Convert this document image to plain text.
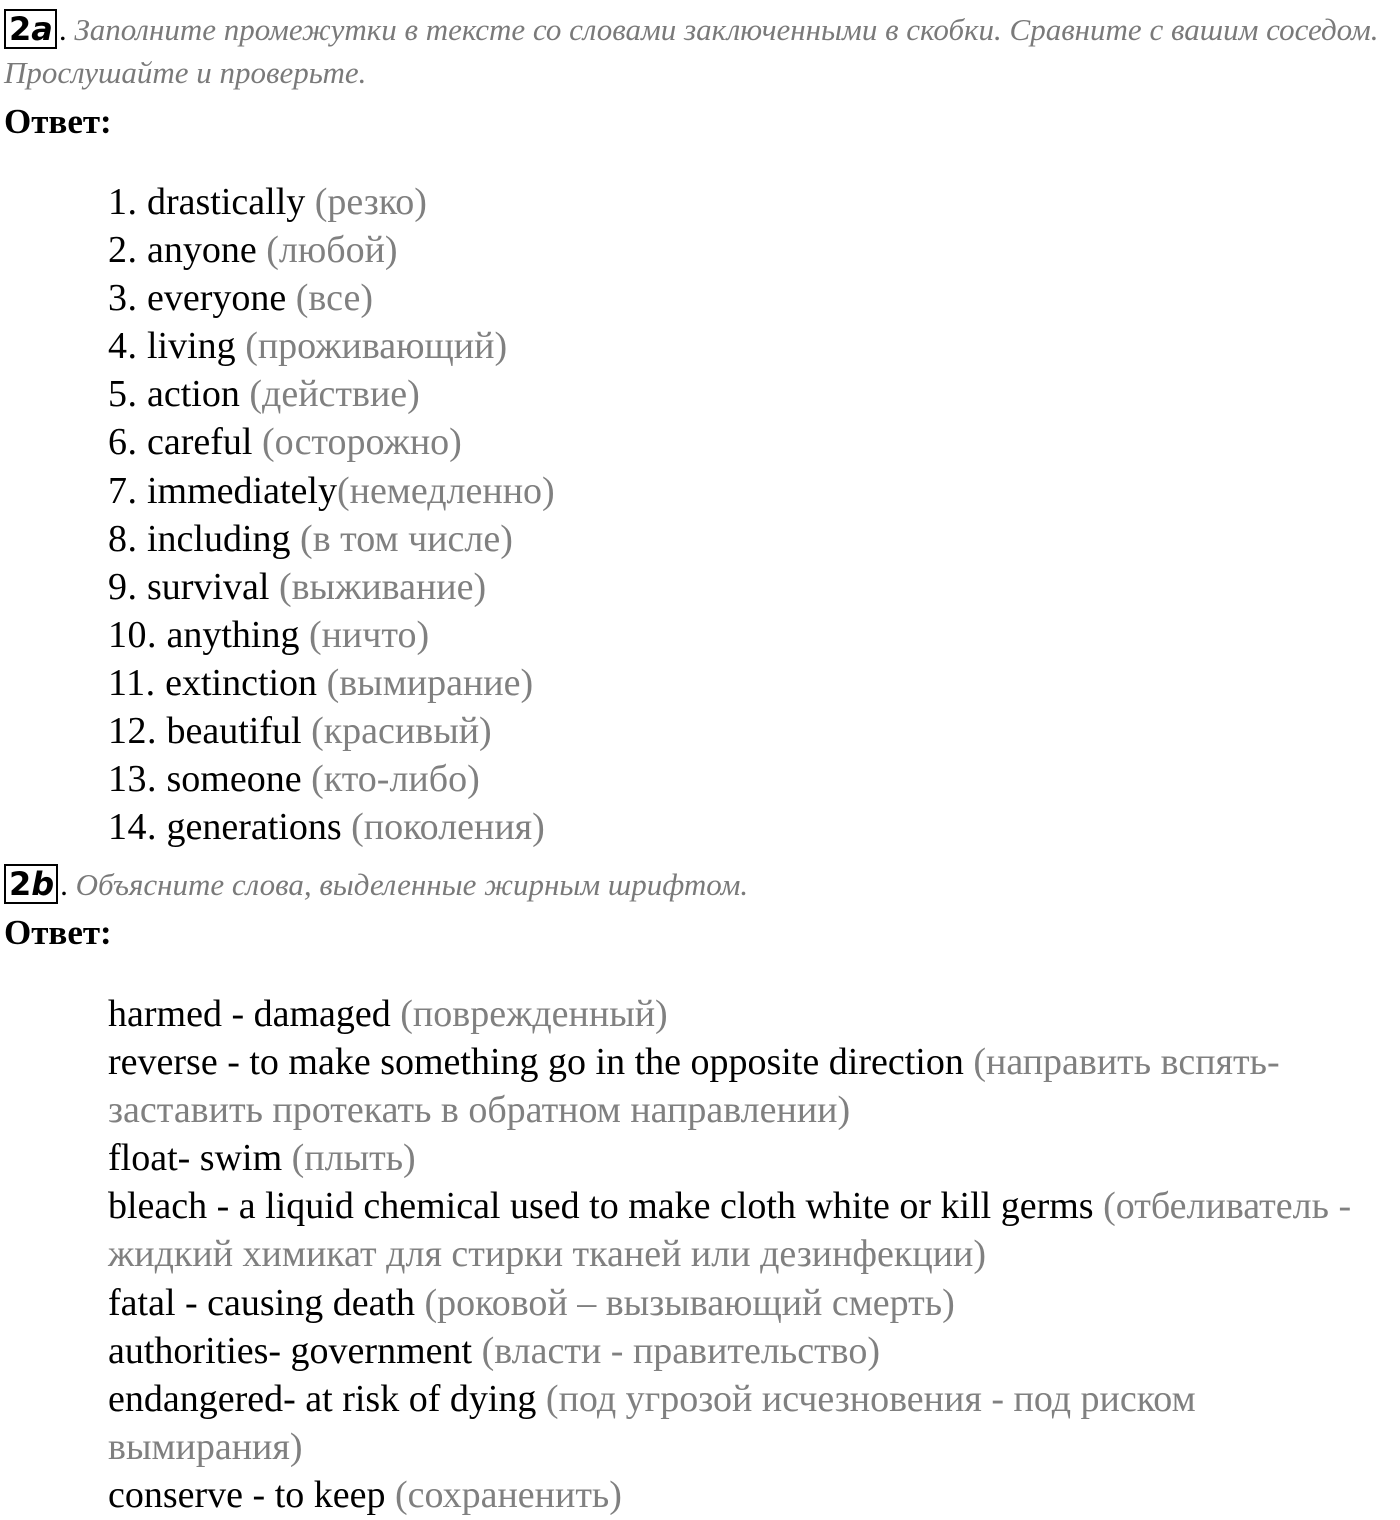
2a . Заполните промежутки в тексте со словами заключенными в скобки. Сравните с вашим соседом. Прослушайте и проверьте.

Ответ:

1. drastically (резко)
2. anyone (любой)
3. everyone (все)
4. living (проживающий)
5. action (действие)
6. careful (осторожно)
7. immediately(немедленно)
8. including (в том числе)
9. survival (выживание)
10. anything (ничто)
11. extinction (вымирание)
12. beautiful (красивый)
13. someone (кто-либо)
14. generations (поколения)

2b . Объясните слова, выделенные жирным шрифтом.

Ответ:

harmed - damaged (поврежденный)
reverse - to make something go in the opposite direction (направить вспять- заставить протекать в обратном направлении)
float- swim (плыть)
bleach - a liquid chemical used to make cloth white or kill germs (отбеливатель - жидкий химикат для стирки тканей или дезинфекции)
fatal - causing death (роковой – вызывающий смерть)
authorities- government (власти - правительство)
endangered- at risk of dying (под угрозой исчезновения - под риском вымирания)
conserve - to keep (сохраненить)
